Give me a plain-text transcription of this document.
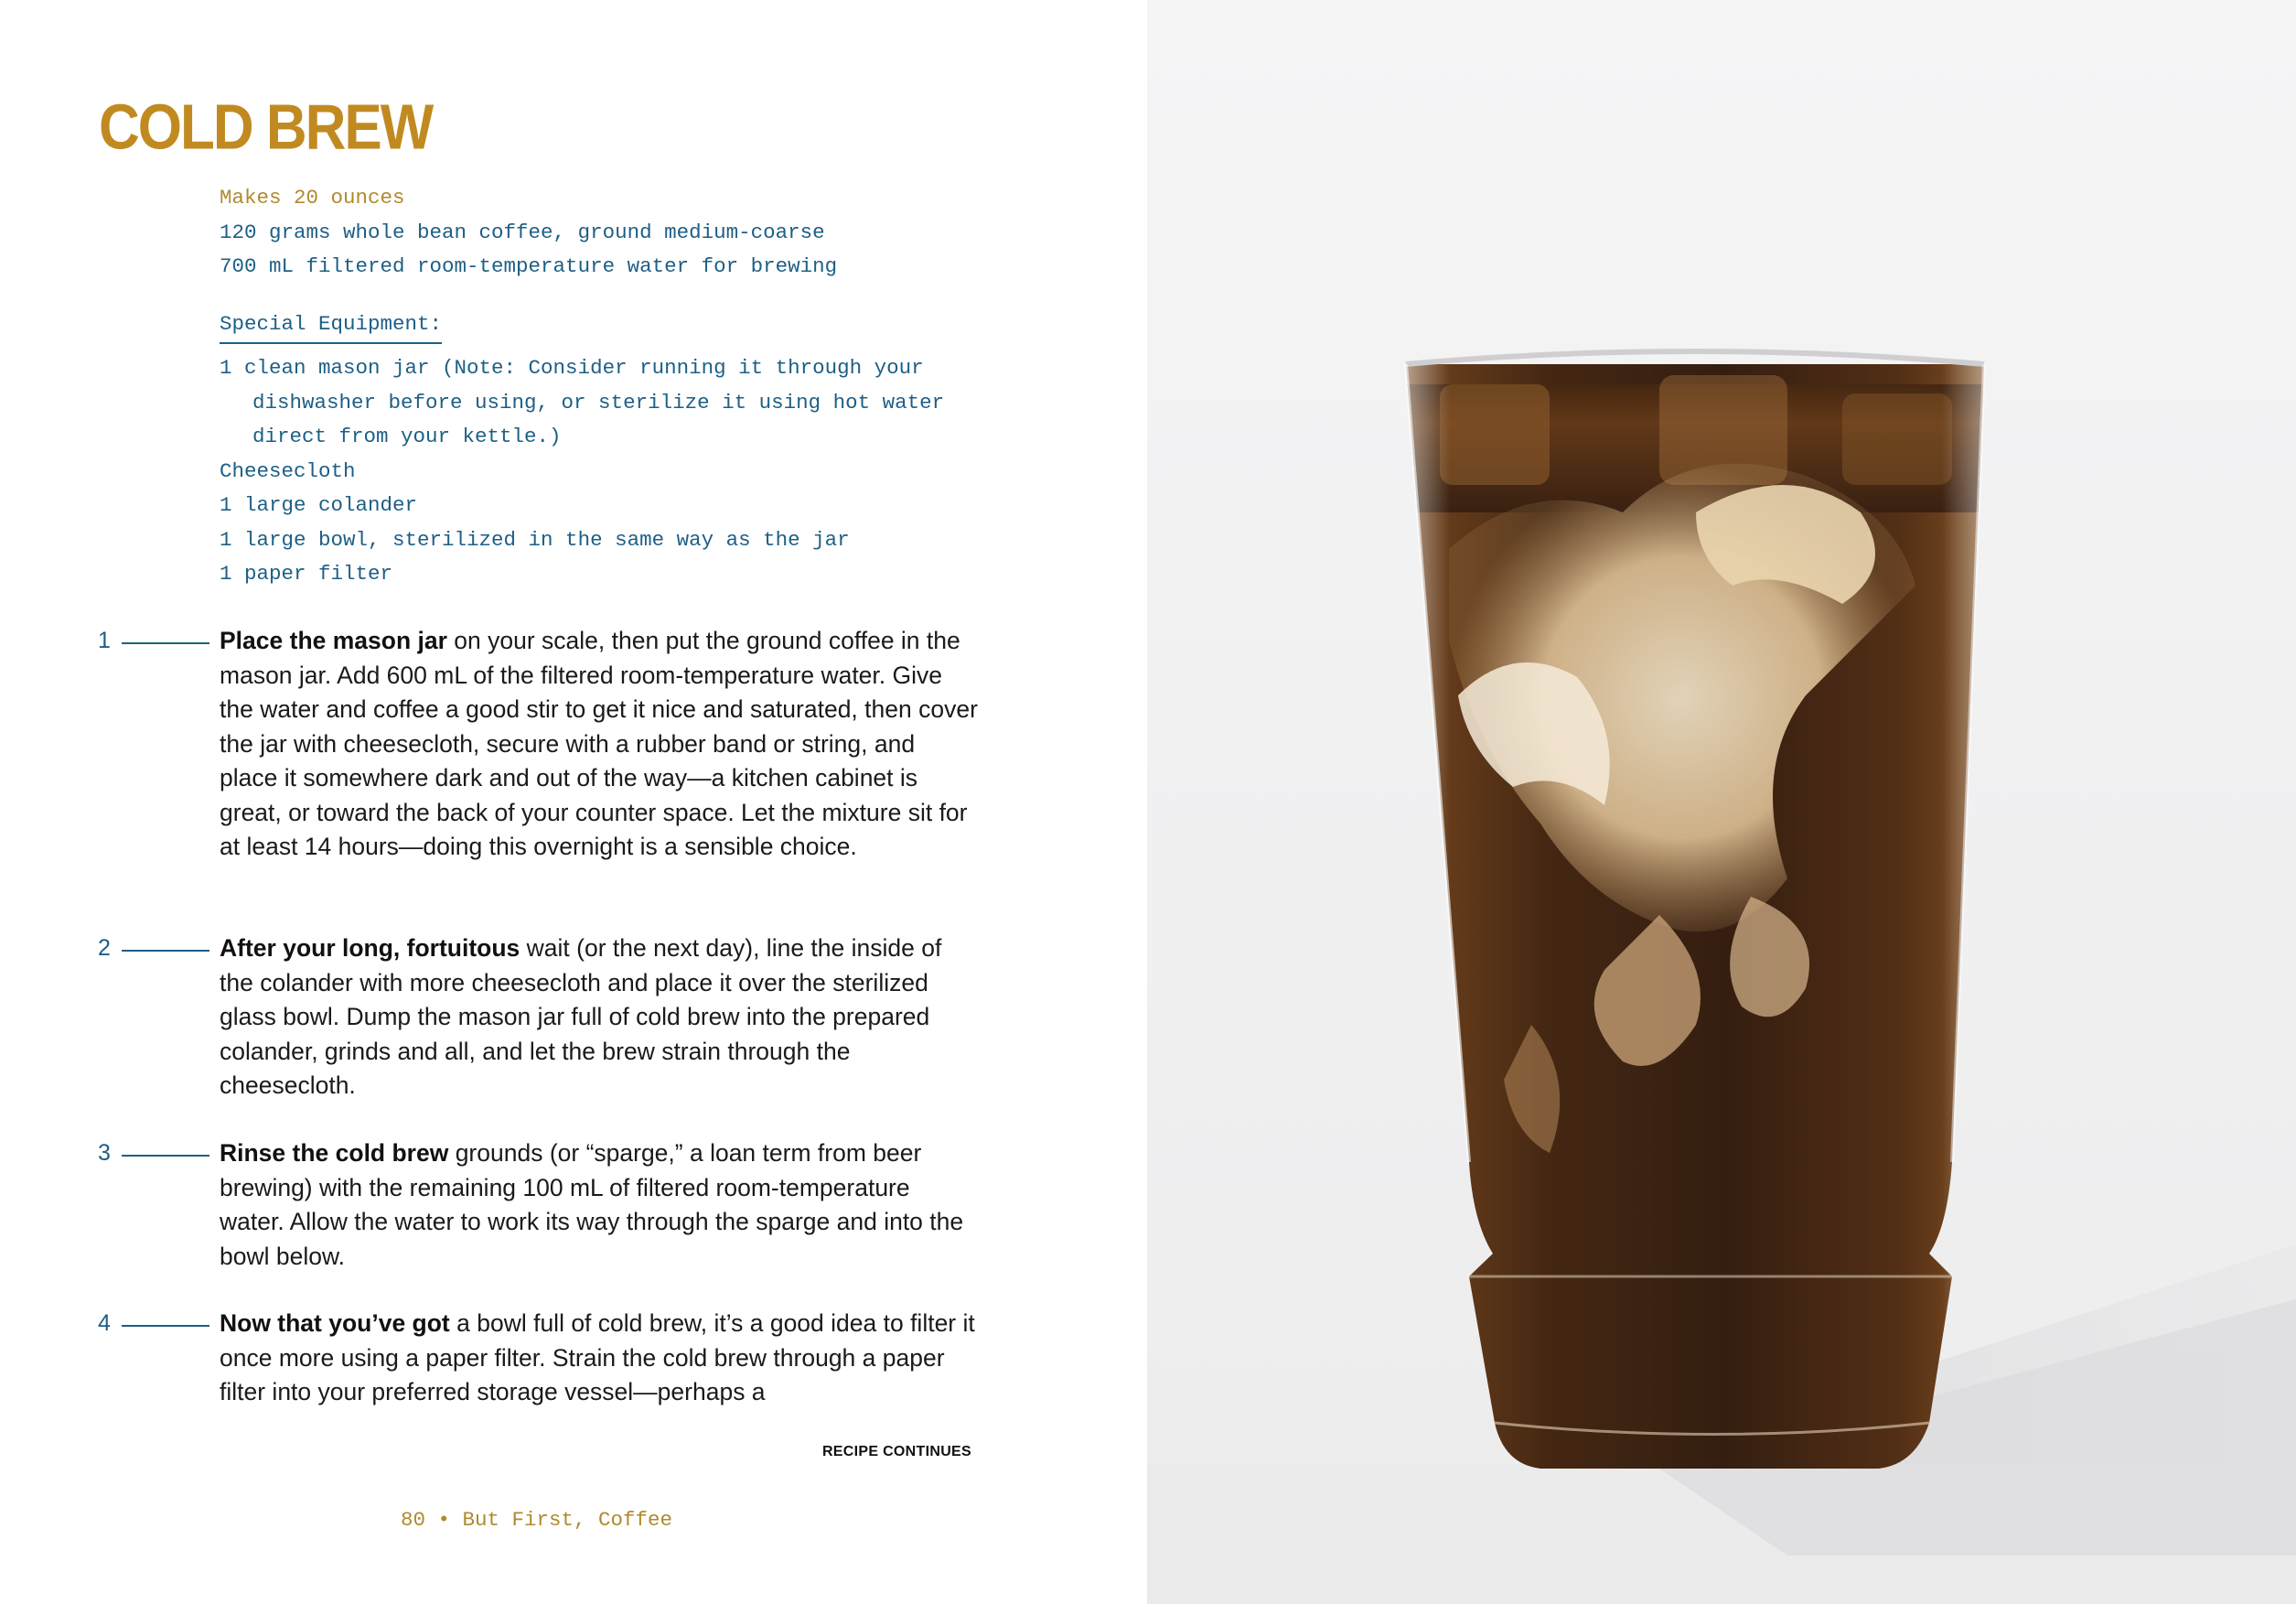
COLD BREW
Makes 20 ounces
120 grams whole bean coffee, ground medium-coarse
700 mL filtered room-temperature water for brewing
Special Equipment:
1 clean mason jar (Note: Consider running it through your dishwasher before using, or sterilize it using hot water direct from your kettle.)
Cheesecloth
1 large colander
1 large bowl, sterilized in the same way as the jar
1 paper filter
1	Place the mason jar on your scale, then put the ground coffee in the mason jar. Add 600 mL of the filtered room-temperature water. Give the water and coffee a good stir to get it nice and saturated, then cover the jar with cheesecloth, secure with a rubber band or string, and place it somewhere dark and out of the way—a kitchen cabinet is great, or toward the back of your counter space. Let the mixture sit for at least 14 hours—doing this overnight is a sensible choice.

2	After your long, fortuitous wait (or the next day), line the inside of the colander with more cheesecloth and place it over the sterilized glass bowl. Dump the mason jar full of cold brew into the prepared colander, grinds and all, and let the brew strain through the cheesecloth.

3	Rinse the cold brew grounds (or “sparge,” a loan term from beer brewing) with the remaining 100 mL of filtered room-temperature water. Allow the water to work its way through the sparge and into the bowl below.

4	Now that you’ve got a bowl full of cold brew, it’s a good idea to filter it once more using a paper filter. Strain the cold brew through a paper filter into your preferred storage vessel—perhaps a

RECIPE CONTINUES
80 • But First, Coffee
